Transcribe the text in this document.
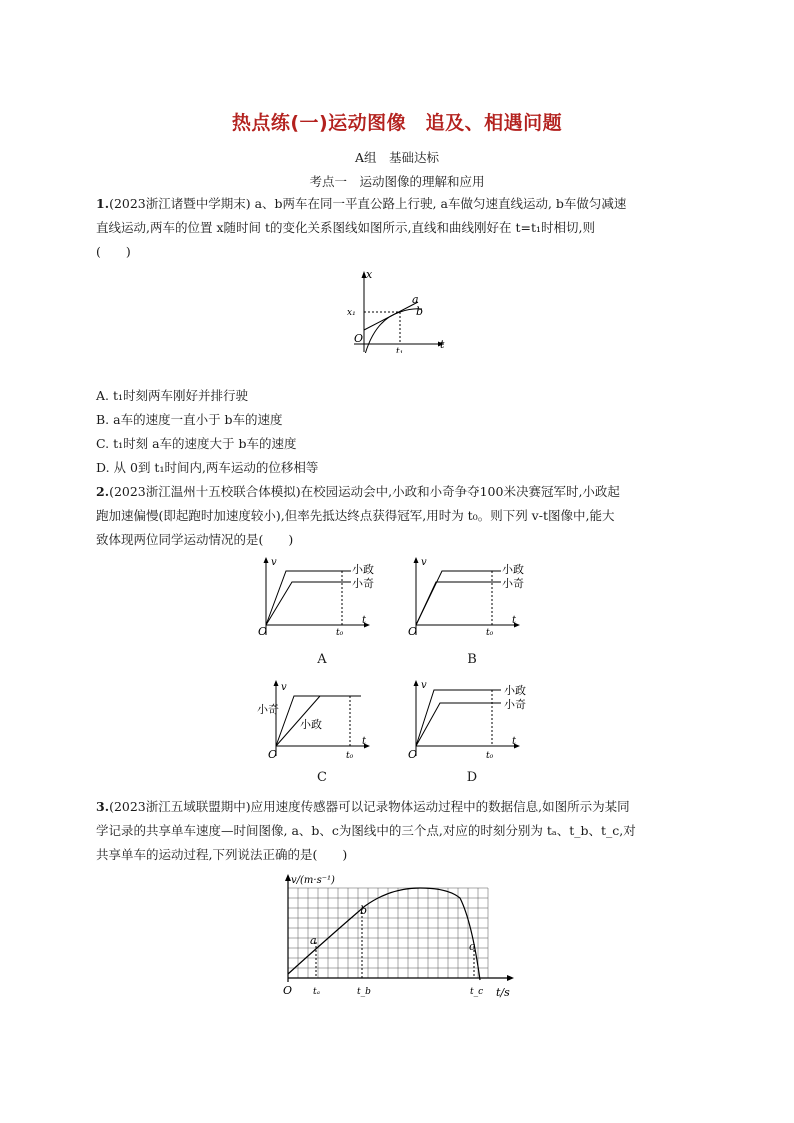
热点练(一)运动图像　追及、相遇问题
A组　基础达标
考点一　运动图像的理解和应用
1.(2023浙江诸暨中学期末) a、b两车在同一平直公路上行驶, a车做匀速直线运动, b车做匀减速
直线运动,两车的位置 x随时间 t的变化关系图线如图所示,直线和曲线刚好在 t=t₁时相切,则
(　　)
x
t
O
x₁
t₁
a
b
A. t₁时刻两车刚好并排行驶
B. a车的速度一直小于 b车的速度
C. t₁时刻 a车的速度大于 b车的速度
D. 从 0到 t₁时间内,两车运动的位移相等
2.(2023浙江温州十五校联合体模拟)在校园运动会中,小政和小奇争夺100米决赛冠军时,小政起
跑加速偏慢(即起跑时加速度较小),但率先抵达终点获得冠军,用时为 t₀。则下列 v-t图像中,能大
致体现两位同学运动情况的是(　　)
v
t
O	t₀
小政
小奇
A
v
t
O	t₀
小政
小奇
B
v
t
O	t₀
小奇
小政
C
v
t
O	t₀
小政
小奇
D
3.(2023浙江五域联盟期中)应用速度传感器可以记录物体运动过程中的数据信息,如图所示为某同
学记录的共享单车速度—时间图像, a、b、c为图线中的三个点,对应的时刻分别为 tₐ、t_b、t_c,对
共享单车的运动过程,下列说法正确的是(　　)
v/(m·s⁻¹)
t/s
O tₐ	t_b	t_c
a
b
c
